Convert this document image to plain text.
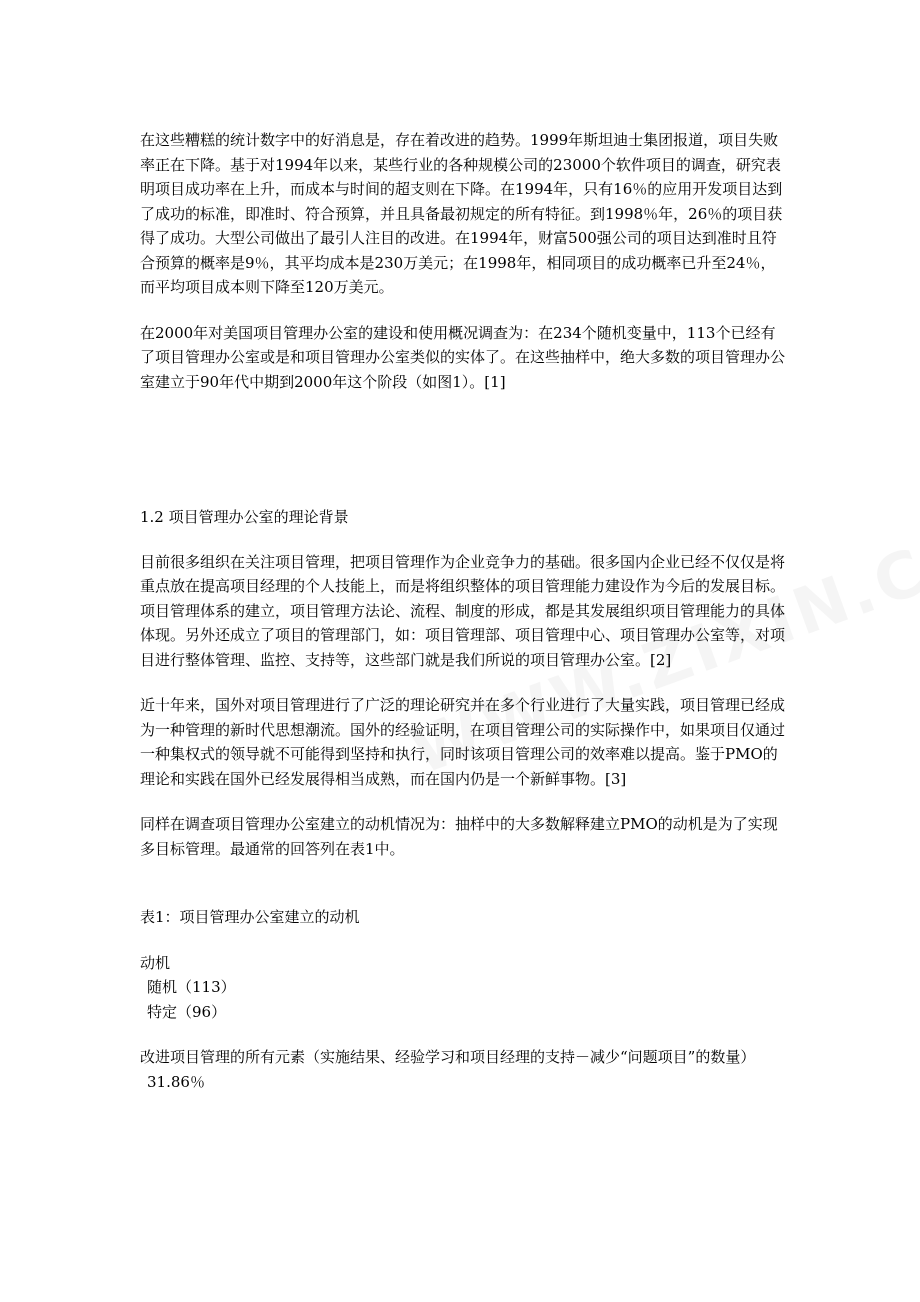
在这些糟糕的统计数字中的好消息是，存在着改进的趋势。1999年斯坦迪士集团报道，项目失败率正在下降。基于对1994年以来，某些行业的各种规模公司的23000个软件项目的调查，研究表明项目成功率在上升，而成本与时间的超支则在下降。在1994年，只有16％的应用开发项目达到了成功的标准，即准时、符合预算，并且具备最初规定的所有特征。到1998％年，26％的项目获得了成功。大型公司做出了最引人注目的改进。在1994年，财富500强公司的项目达到准时且符合预算的概率是9％，其平均成本是230万美元；在1998年，相同项目的成功概率已升至24％，而平均项目成本则下降至120万美元。

在2000年对美国项目管理办公室的建设和使用概况调查为：在234个随机变量中，113个已经有了项目管理办公室或是和项目管理办公室类似的实体了。在这些抽样中，绝大多数的项目管理办公室建立于90年代中期到2000年这个阶段（如图1）。[1]

1.2 项目管理办公室的理论背景

目前很多组织在关注项目管理，把项目管理作为企业竞争力的基础。很多国内企业已经不仅仅是将重点放在提高项目经理的个人技能上，而是将组织整体的项目管理能力建设作为今后的发展目标。项目管理体系的建立，项目管理方法论、流程、制度的形成，都是其发展组织项目管理能力的具体体现。另外还成立了项目的管理部门，如：项目管理部、项目管理中心、项目管理办公室等，对项目进行整体管理、监控、支持等，这些部门就是我们所说的项目管理办公室。[2]

近十年来，国外对项目管理进行了广泛的理论研究并在多个行业进行了大量实践，项目管理已经成为一种管理的新时代思想潮流。国外的经验证明，在项目管理公司的实际操作中，如果项目仅通过一种集权式的领导就不可能得到坚持和执行，同时该项目管理公司的效率难以提高。鉴于PMO的理论和实践在国外已经发展得相当成熟，而在国内仍是一个新鲜事物。[3]

同样在调查项目管理办公室建立的动机情况为：抽样中的大多数解释建立PMO的动机是为了实现多目标管理。最通常的回答列在表1中。

表1：项目管理办公室建立的动机

动机
随机（113）
特定（96）
改进项目管理的所有元素（实施结果、经验学习和项目经理的支持－减少“问题项目”的数量）
31.86％
